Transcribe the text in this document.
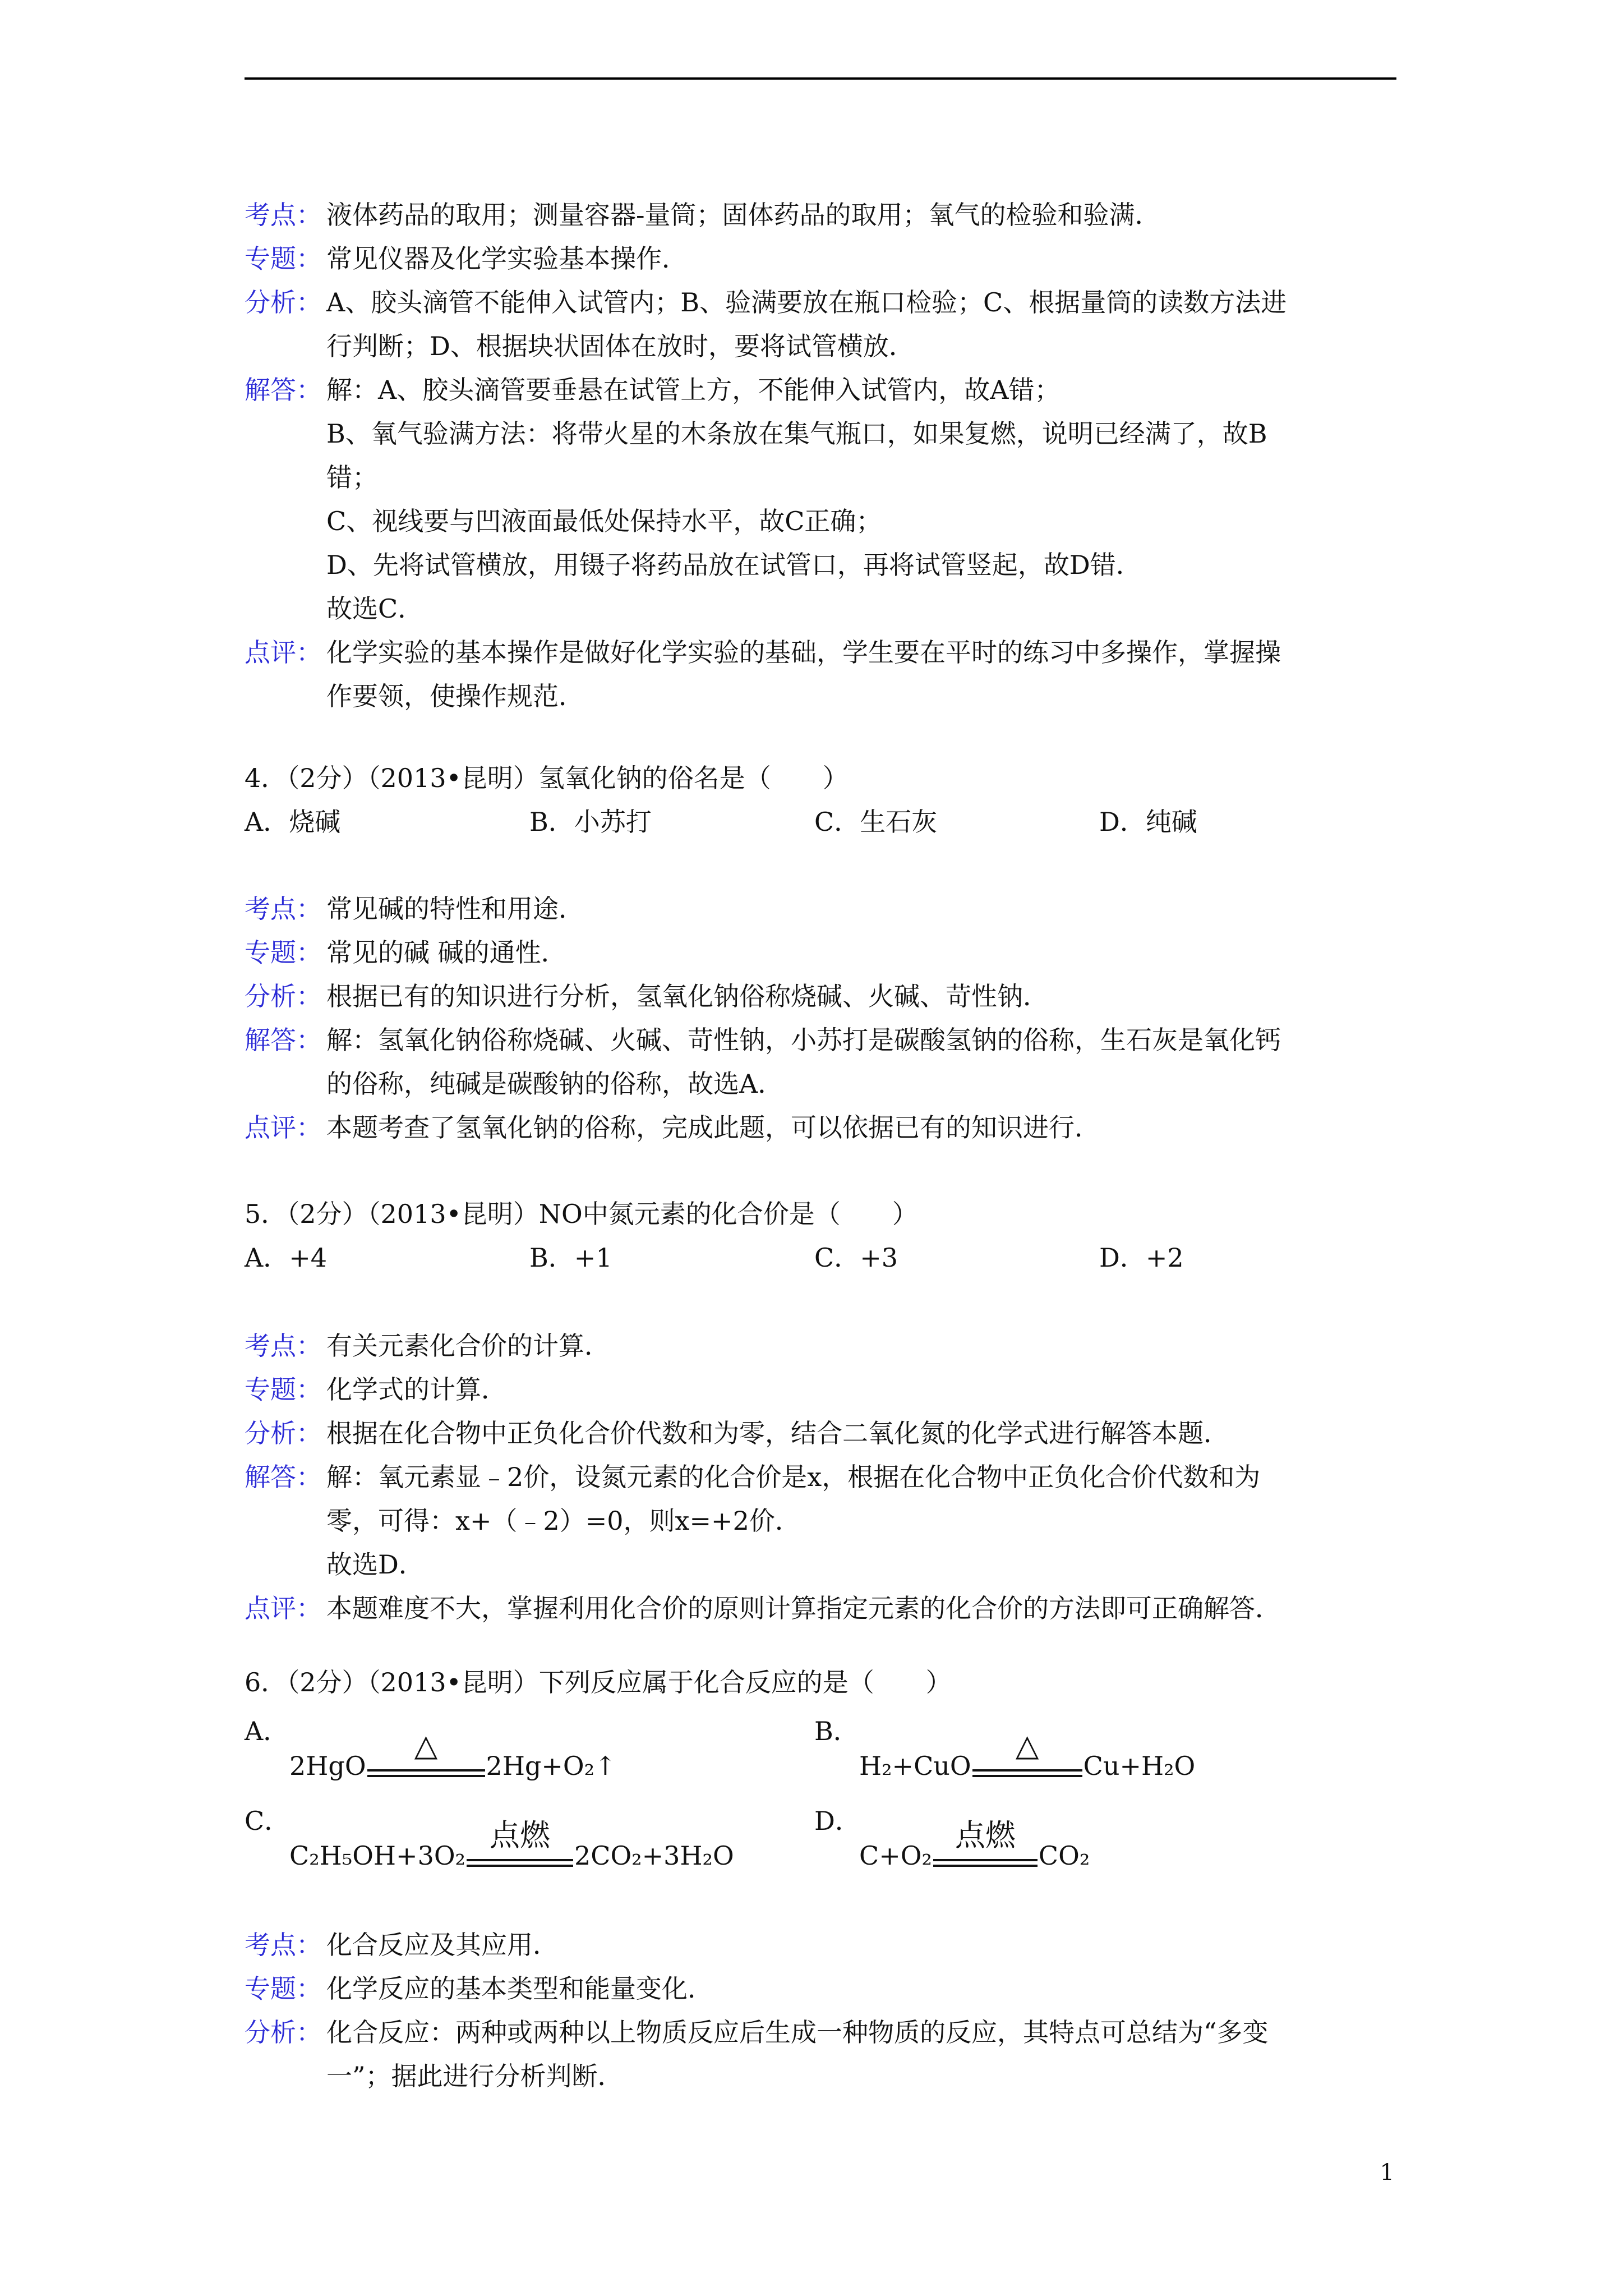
考点： 液体药品的取用；测量容器-量筒；固体药品的取用；氧气的检验和验满．
专题： 常见仪器及化学实验基本操作．
分析： A、胶头滴管不能伸入试管内；B、验满要放在瓶口检验；C、根据量筒的读数方法进
行判断；D、根据块状固体在放时，要将试管横放．
解答： 解：A、胶头滴管要垂悬在试管上方，不能伸入试管内，故A错；
B、氧气验满方法：将带火星的木条放在集气瓶口，如果复燃，说明已经满了，故B
错；
C、视线要与凹液面最低处保持水平，故C正确；
D、先将试管横放，用镊子将药品放在试管口，再将试管竖起，故D错．
故选C．
点评： 化学实验的基本操作是做好化学实验的基础，学生要在平时的练习中多操作，掌握操
作要领，使操作规范．
4．（2分）（2013•昆明）氢氧化钠的俗名是（　　）
A．烧碱	B．小苏打	C．生石灰	D．纯碱
考点： 常见碱的特性和用途．
专题： 常见的碱 碱的通性．
分析： 根据已有的知识进行分析，氢氧化钠俗称烧碱、火碱、苛性钠．
解答： 解：氢氧化钠俗称烧碱、火碱、苛性钠，小苏打是碳酸氢钠的俗称，生石灰是氧化钙
的俗称，纯碱是碳酸钠的俗称，故选A．
点评： 本题考查了氢氧化钠的俗称，完成此题，可以依据已有的知识进行．
5．（2分）（2013•昆明）NO中氮元素的化合价是（　　）
A．+4	B．+1	C．+3	D．+2
考点： 有关元素化合价的计算．
专题： 化学式的计算．
分析： 根据在化合物中正负化合价代数和为零，结合二氧化氮的化学式进行解答本题．
解答： 解：氧元素显﹣2价，设氮元素的化合价是x，根据在化合物中正负化合价代数和为
零，可得：x+（﹣2）=0，则x=+2价．
故选D．
点评： 本题难度不大，掌握利用化合价的原则计算指定元素的化合价的方法即可正确解答．
6．（2分）（2013•昆明）下列反应属于化合反应的是（　　）
A．
2HgO
△
2Hg+O₂↑
B．
H₂+CuO
△
Cu+H₂O
C．
C₂H₅OH+3O₂
点燃
2CO₂+3H₂O
D．
C+O₂
点燃
CO₂
考点： 化合反应及其应用．
专题： 化学反应的基本类型和能量变化．
分析： 化合反应：两种或两种以上物质反应后生成一种物质的反应，其特点可总结为“多变
一”；据此进行分析判断．
1
